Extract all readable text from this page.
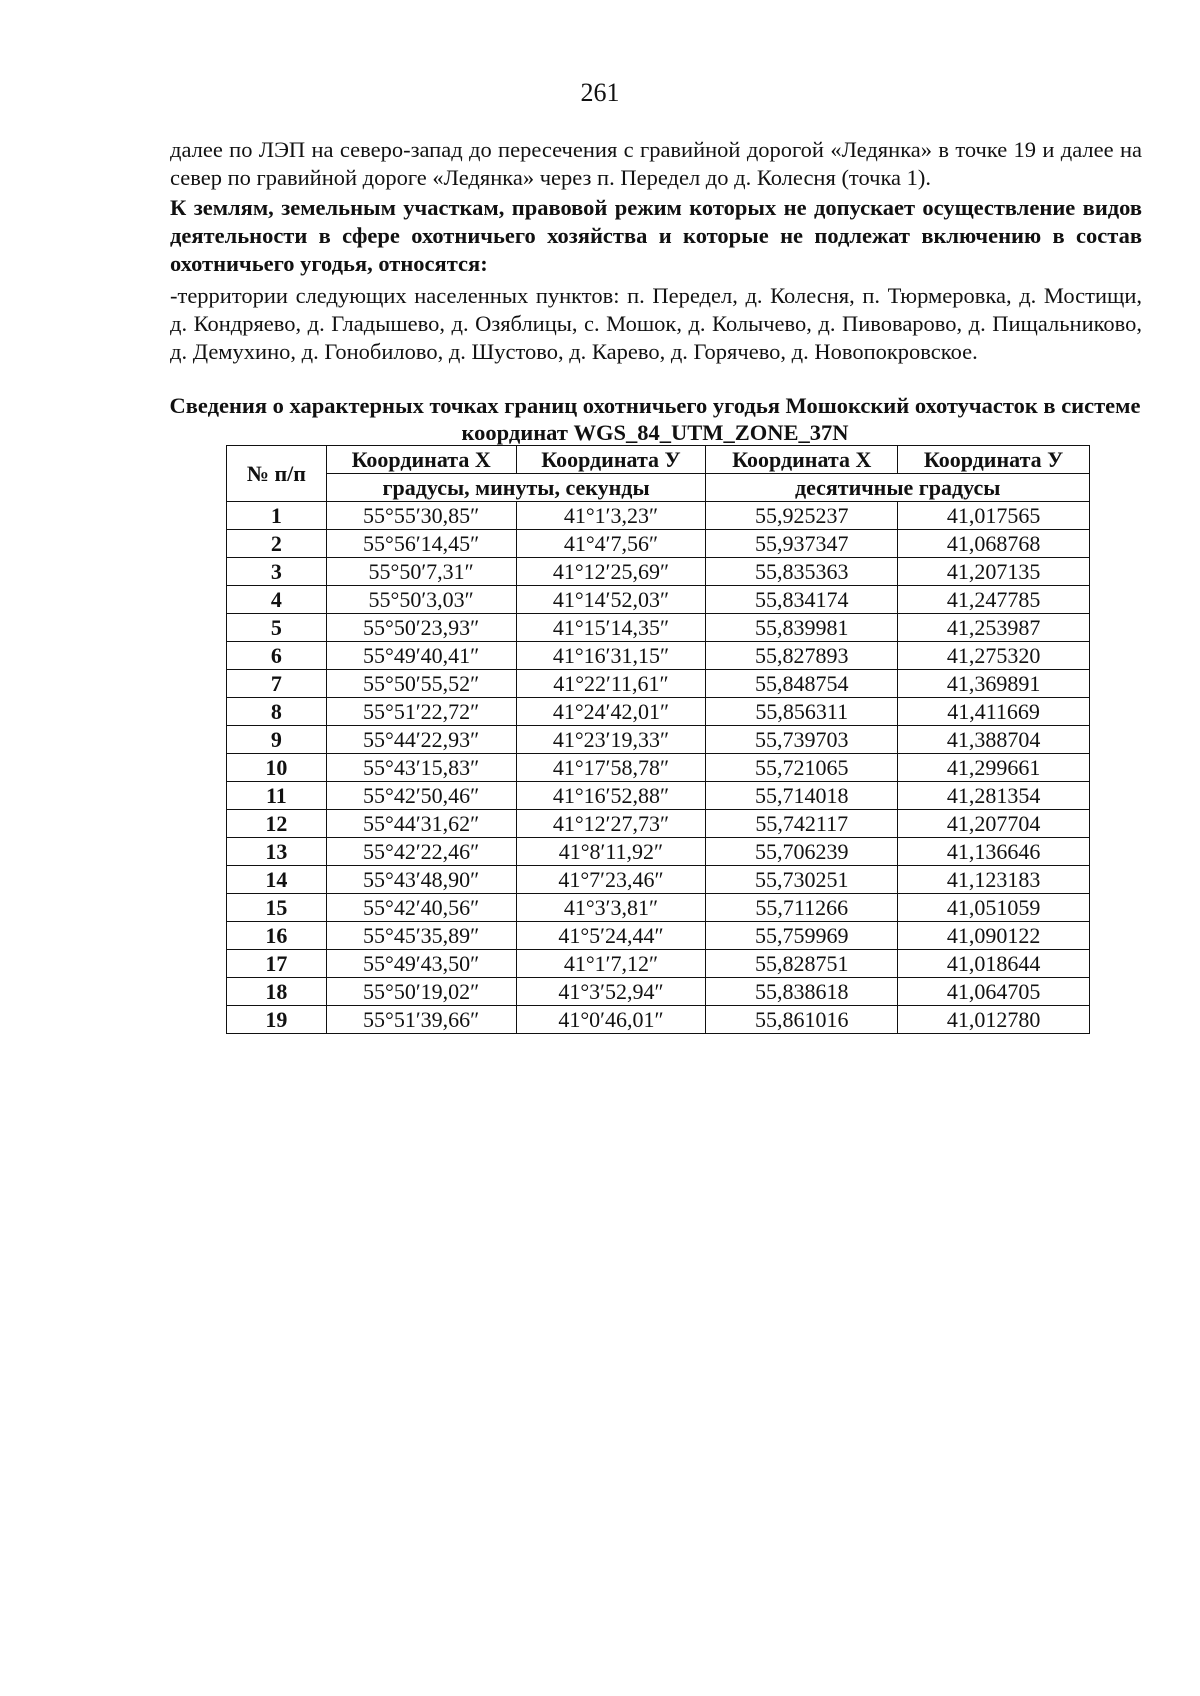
261

далее по ЛЭП на северо-запад до пересечения с гравийной дорогой «Ледянка» в точке 19 и далее на север по гравийной дороге «Ледянка» через п. Передел до д. Колесня (точка 1).

К землям, земельным участкам, правовой режим которых не допускает осуществление видов деятельности в сфере охотничьего хозяйства и которые не подлежат включению в состав охотничьего угодья, относятся:

-территории следующих населенных пунктов: п. Передел, д. Колесня, п. Тюрмеровка, д. Мостищи, д. Кондряево, д. Гладышево, д. Озяблицы, с. Мошок, д. Колычево, д. Пивоварово, д. Пищальниково, д. Демухино, д. Гонобилово, д. Шустово, д. Карево, д. Горячево, д. Новопокровское.

Сведения о характерных точках границ охотничьего угодья Мошокский охотучасток в системе координат WGS_84_UTM_ZONE_37N
№ п/п	Координата X	Координата У	Координата X	Координата У
	градусы, минуты, секунды		десятичные градусы	
1	55°55′30,85″	41°1′3,23″	55,925237	41,017565
2	55°56′14,45″	41°4′7,56″	55,937347	41,068768
3	55°50′7,31″	41°12′25,69″	55,835363	41,207135
4	55°50′3,03″	41°14′52,03″	55,834174	41,247785
5	55°50′23,93″	41°15′14,35″	55,839981	41,253987
6	55°49′40,41″	41°16′31,15″	55,827893	41,275320
7	55°50′55,52″	41°22′11,61″	55,848754	41,369891
8	55°51′22,72″	41°24′42,01″	55,856311	41,411669
9	55°44′22,93″	41°23′19,33″	55,739703	41,388704
10	55°43′15,83″	41°17′58,78″	55,721065	41,299661
11	55°42′50,46″	41°16′52,88″	55,714018	41,281354
12	55°44′31,62″	41°12′27,73″	55,742117	41,207704
13	55°42′22,46″	41°8′11,92″	55,706239	41,136646
14	55°43′48,90″	41°7′23,46″	55,730251	41,123183
15	55°42′40,56″	41°3′3,81″	55,711266	41,051059
16	55°45′35,89″	41°5′24,44″	55,759969	41,090122
17	55°49′43,50″	41°1′7,12″	55,828751	41,018644
18	55°50′19,02″	41°3′52,94″	55,838618	41,064705
19	55°51′39,66″	41°0′46,01″	55,861016	41,012780
